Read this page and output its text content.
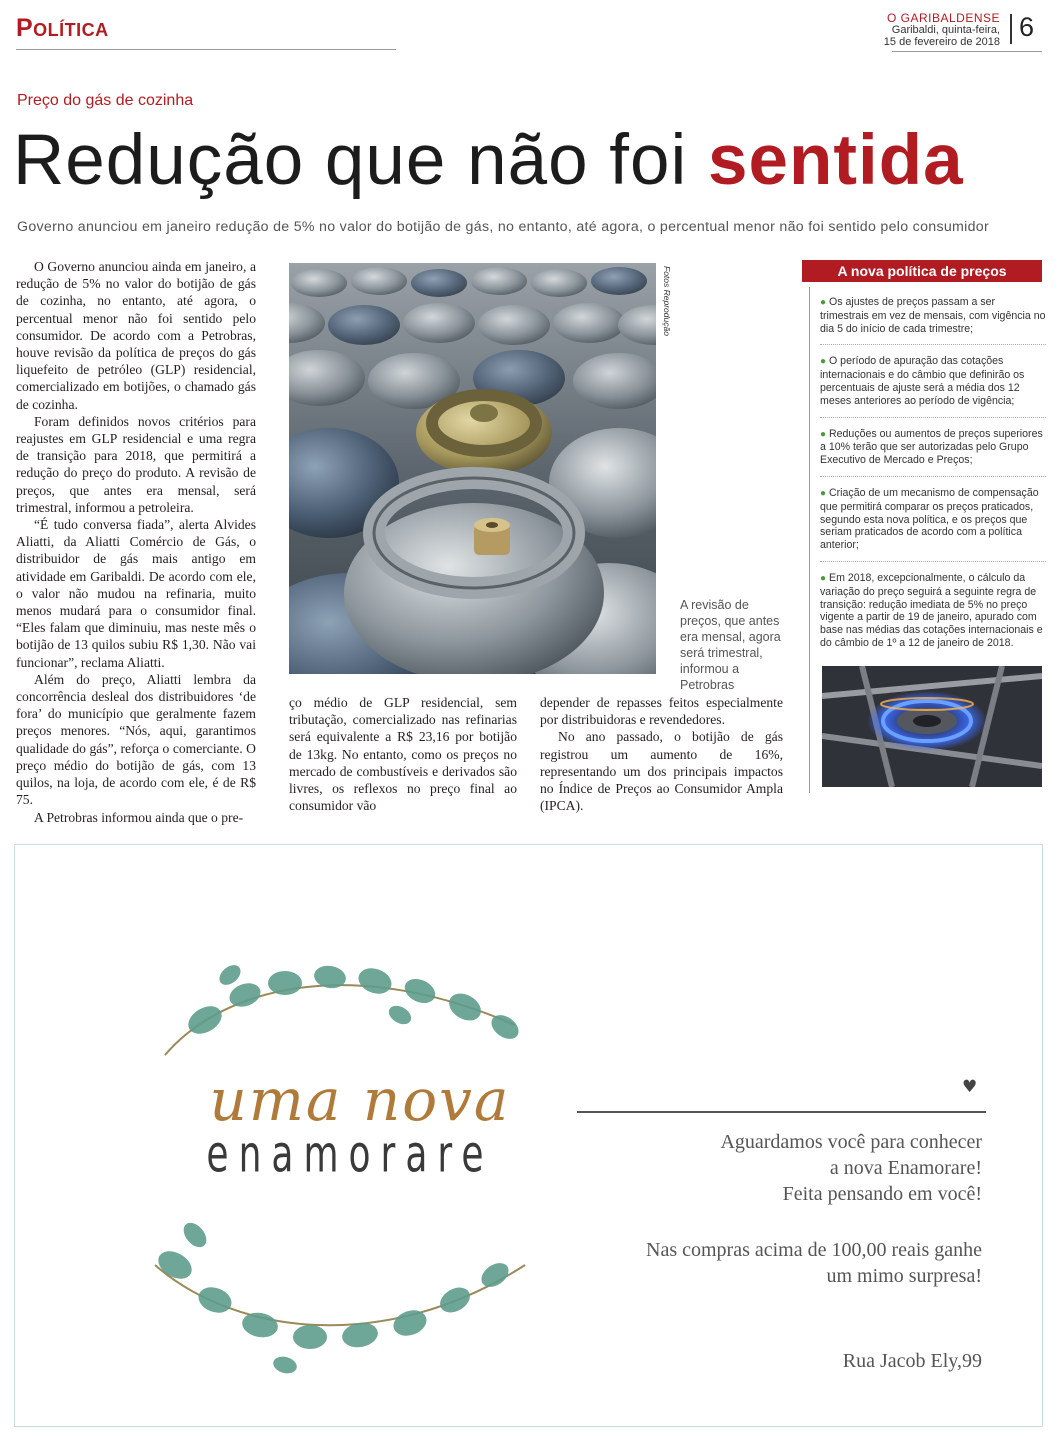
Política	O GARIBALDENSE
Garibaldi, quinta-feira,
15 de fevereiro de 2018 6
Preço do gás de cozinha
Redução que não foi sentida
Governo anunciou em janeiro redução de 5% no valor do botijão de gás, no entanto, até agora, o percentual menor não foi sentido pelo consumidor

O Governo anunciou ainda em janeiro, a redução de 5% no valor do botijão de gás de cozinha, no entanto, até agora, o percentual menor não foi sentido pelo consumidor. De acordo com a Petrobras, houve revisão da política de preços do gás liquefeito de petróleo (GLP) residencial, comercializado em botijões, o chamado gás de cozinha.

Foram definidos novos critérios para reajustes em GLP residencial e uma regra de transição para 2018, que permitirá a redução do preço do produto. A revisão de preços, que antes era mensal, será trimestral, informou a petroleira.

“É tudo conversa fiada”, alerta Alvides Aliatti, da Aliatti Comércio de Gás, o distribuidor de gás mais antigo em atividade em Garibaldi. De acordo com ele, o valor não mudou na refinaria, muito menos mudará para o consumidor final. “Eles falam que diminuiu, mas neste mês o botijão de 13 quilos subiu R$ 1,30. Não vai funcionar”, reclama Aliatti.

Além do preço, Aliatti lembra da concorrência desleal dos distribuidores ‘de fora’ do município que geralmente fazem preços menores. “Nós, aqui, garantimos qualidade do gás”, reforça o comerciante. O preço médio do botijão de gás, com 13 quilos, na loja, de acordo com ele, é de R$ 75.

A Petrobras informou ainda que o pre-

Fotos Reprodução
A revisão de preços, que antes era mensal, agora será trimestral, informou a Petrobras

ço médio de GLP residencial, sem tributação, comercializado nas refinarias será equivalente a R$ 23,16 por botijão de 13kg. No entanto, como os preços no mercado de combustíveis e derivados são livres, os reflexos no preço final ao consumidor vão

depender de repasses feitos especialmente por distribuidoras e revendedores.

No ano passado, o botijão de gás registrou um aumento de 16%, representando um dos principais impactos no Índice de Preços ao Consumidor Ampla (IPCA).

A nova política de preços
● Os ajustes de preços passam a ser trimestrais em vez de mensais, com vigência no dia 5 do início de cada trimestre;
● O período de apuração das cotações internacionais e do câmbio que definirão os percentuais de ajuste será a média dos 12 meses anteriores ao período de vigência;
● Reduções ou aumentos de preços superiores a 10% terão que ser autorizadas pelo Grupo Executivo de Mercado e Preços;
● Criação de um mecanismo de compensação que permitirá comparar os preços praticados, segundo esta nova política, e os preços que seriam praticados de acordo com a política anterior;
● Em 2018, excepcionalmente, o cálculo da variação do preço seguirá a seguinte regra de transição: redução imediata de 5% no preço vigente a partir de 19 de janeiro, apurado com base nas médias das cotações internacionais e do câmbio de 1º a 12 de janeiro de 2018.
uma nova
enamorare
♥
Aguardamos você para conhecer
a nova Enamorare!
Feita pensando em você!
Nas compras acima de 100,00 reais ganhe
um mimo surpresa!
Rua Jacob Ely,99
